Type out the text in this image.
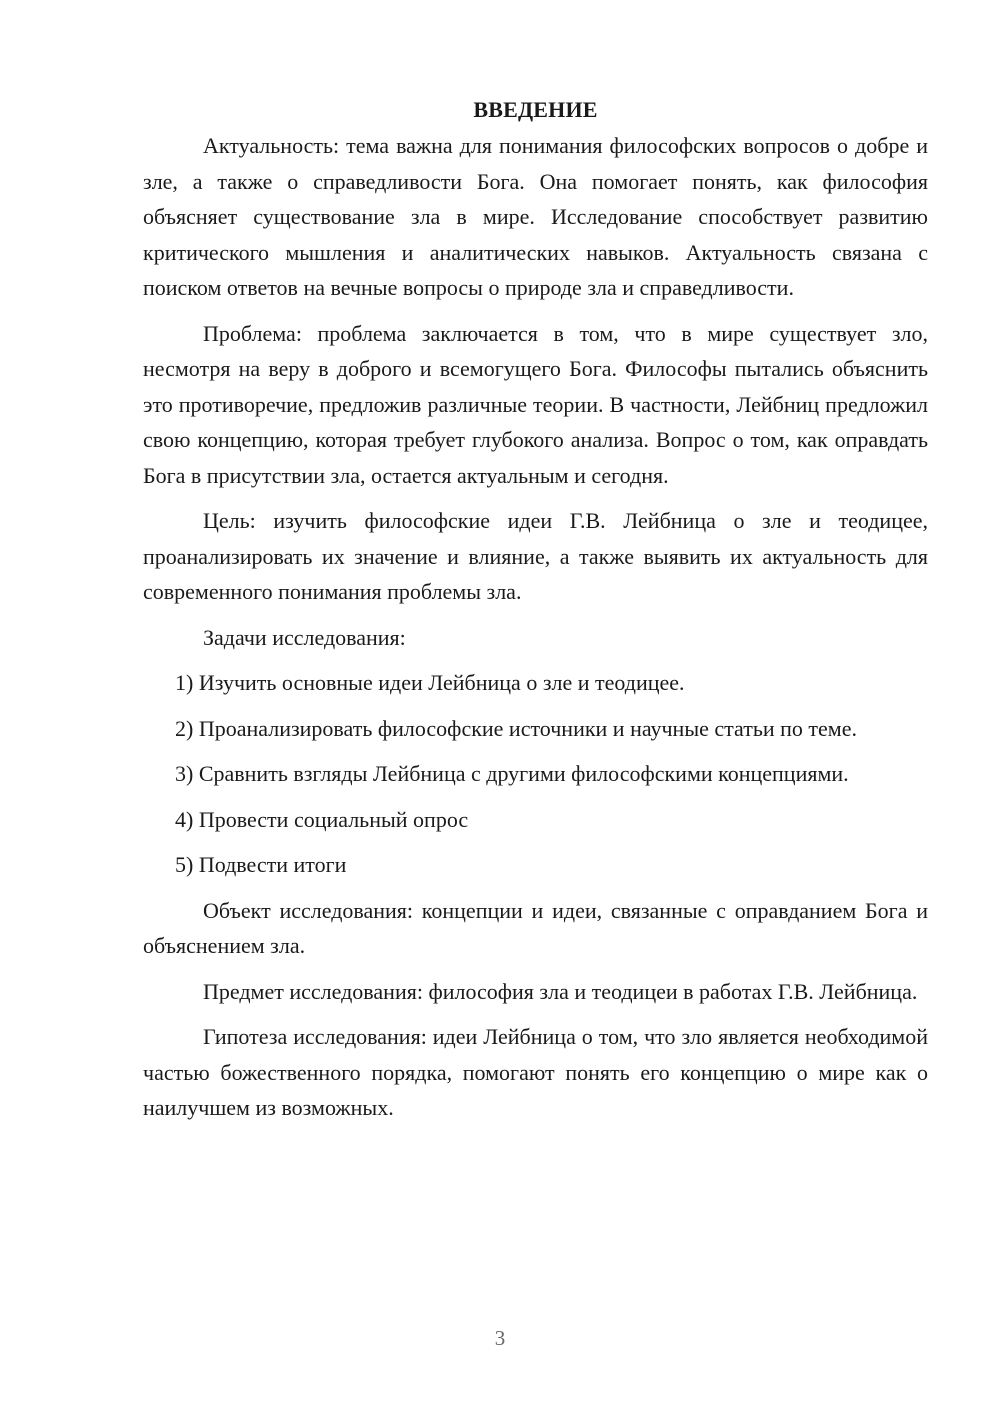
ВВЕДЕНИЕ

Актуальность: тема важна для понимания философских вопросов о добре и зле, а также о справедливости Бога. Она помогает понять, как философия объясняет существование зла в мире. Исследование способствует развитию критического мышления и аналитических навыков. Актуальность связана с поиском ответов на вечные вопросы о природе зла и справедливости.

Проблема: проблема заключается в том, что в мире существует зло, несмотря на веру в доброго и всемогущего Бога. Философы пытались объяснить это противоречие, предложив различные теории. В частности, Лейбниц предложил свою концепцию, которая требует глубокого анализа. Вопрос о том, как оправдать Бога в присутствии зла, остается актуальным и сегодня.

Цель: изучить философские идеи Г.В. Лейбница о зле и теодицее, проанализировать их значение и влияние, а также выявить их актуальность для современного понимания проблемы зла.

Задачи исследования:

1) Изучить основные идеи Лейбница о зле и теодицее.

2) Проанализировать философские источники и научные статьи по теме.

3) Сравнить взгляды Лейбница с другими философскими концепциями.

4) Провести социальный опрос

5) Подвести итоги

Объект исследования: концепции и идеи, связанные с оправданием Бога и объяснением зла.

Предмет исследования: философия зла и теодицеи в работах Г.В. Лейбница.

Гипотеза исследования: идеи Лейбница о том, что зло является необходимой частью божественного порядка, помогают понять его концепцию о мире как о наилучшем из возможных.

3
